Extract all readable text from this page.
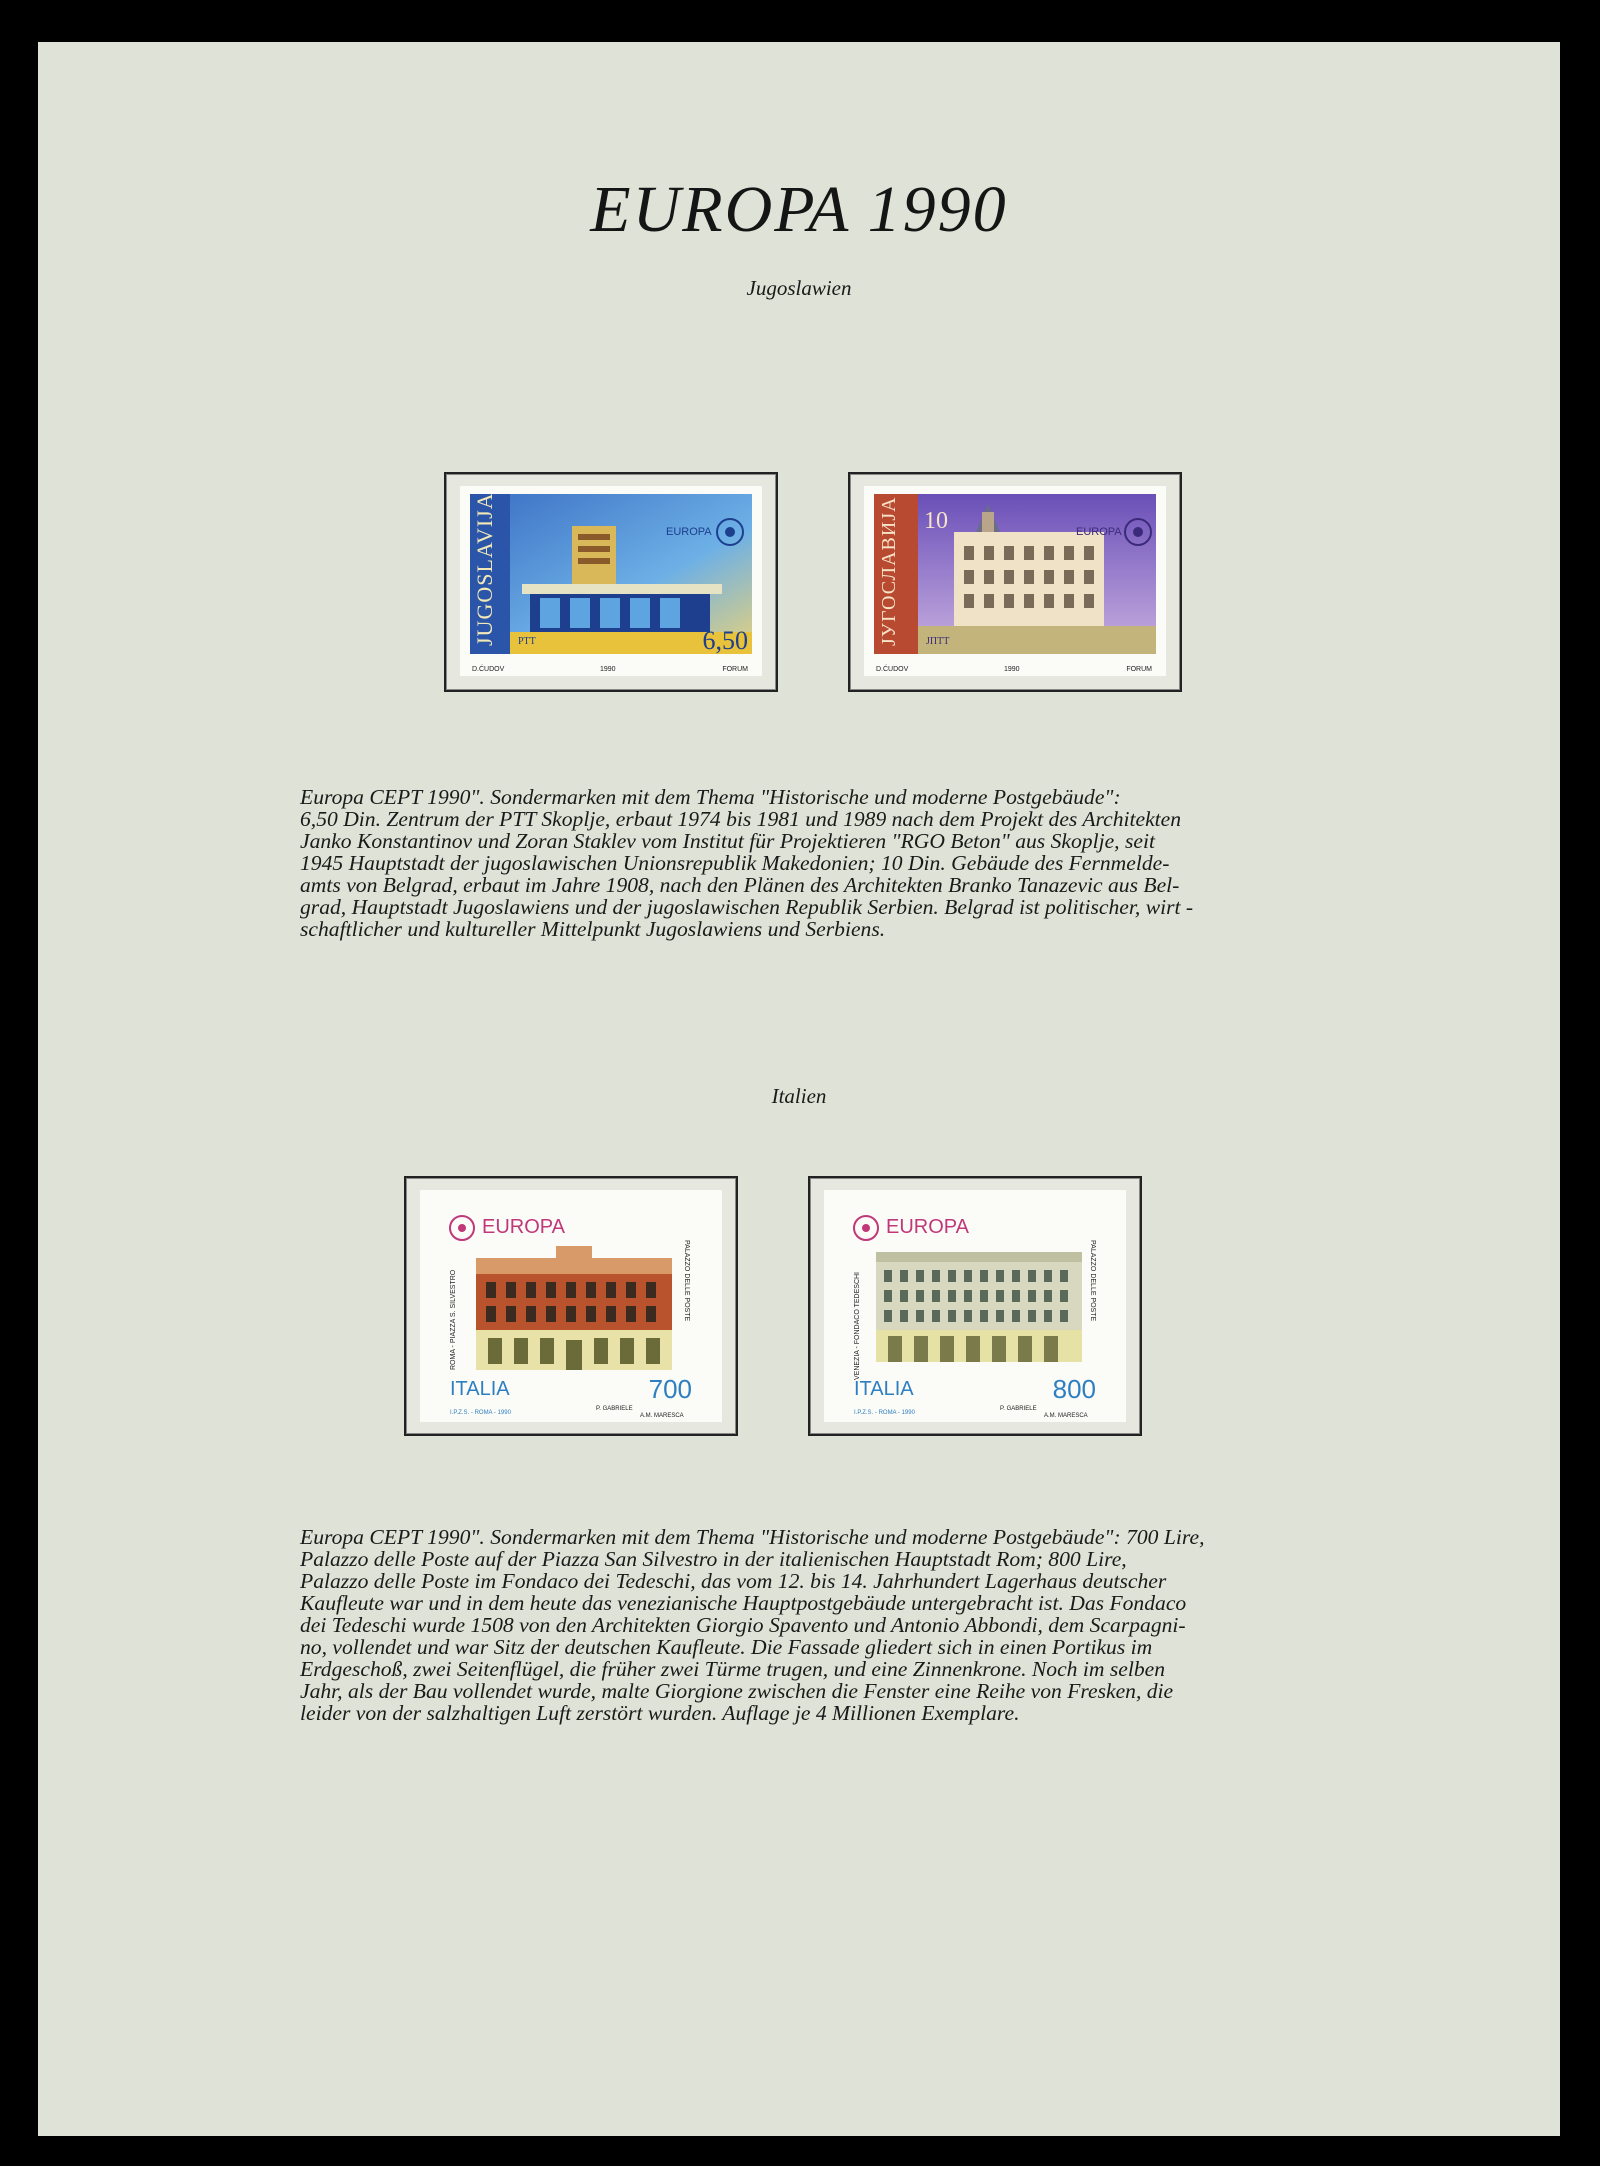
EUROPA 1990
Jugoslawien
EUROPA
PTT	6,50
D.ĆUDOV	1990	FORUM
ЈУГОСЛАВИЈА 10	EUROPA
ЈПТТ
D.ĆUDOV	1990	FORUM

Europa CEPT 1990". Sondermarken mit dem Thema "Historische und moderne Postgebäude":

6,50 Din. Zentrum der PTT Skoplje, erbaut 1974 bis 1981 und 1989 nach dem Projekt des Architekten

Janko Konstantinov und Zoran Staklev vom Institut für Projektieren "RGO Beton" aus Skoplje, seit

1945 Hauptstadt der jugoslawischen Unionsrepublik Makedonien; 10 Din. Gebäude des Fernmelde-

amts von Belgrad, erbaut im Jahre 1908, nach den Plänen des Architekten Branko Tanazevic aus Bel-

grad, Hauptstadt Jugoslawiens und der jugoslawischen Republik Serbien. Belgrad ist politischer, wirt -

schaftlicher und kultureller Mittelpunkt Jugoslawiens und Serbiens.

Italien
EUROPA
ROMA - PIAZZA S. SILVESTRO	PALAZZO DELLE POSTE
ITALIA	700
I.P.Z.S. - ROMA - 1990
P. GABRIELE
A.M. MARESCA
EUROPA
VENEZIA - FONDACO TEDESCHI	PALAZZO DELLE POSTE
ITALIA	800
I.P.Z.S. - ROMA - 1990
P. GABRIELE
A.M. MARESCA

Europa CEPT 1990". Sondermarken mit dem Thema "Historische und moderne Postgebäude": 700 Lire,

Palazzo delle Poste auf der Piazza San Silvestro in der italienischen Hauptstadt Rom; 800 Lire,

Palazzo delle Poste im Fondaco dei Tedeschi, das vom 12. bis 14. Jahrhundert Lagerhaus deutscher

Kaufleute war und in dem heute das venezianische Hauptpostgebäude untergebracht ist. Das Fondaco

dei Tedeschi wurde 1508 von den Architekten Giorgio Spavento und Antonio Abbondi, dem Scarpagni-

no, vollendet und war Sitz der deutschen Kaufleute. Die Fassade gliedert sich in einen Portikus im

Erdgeschoß, zwei Seitenflügel, die früher zwei Türme trugen, und eine Zinnenkrone. Noch im selben

Jahr, als der Bau vollendet wurde, malte Giorgione zwischen die Fenster eine Reihe von Fresken, die

leider von der salzhaltigen Luft zerstört wurden. Auflage je 4 Millionen Exemplare.
